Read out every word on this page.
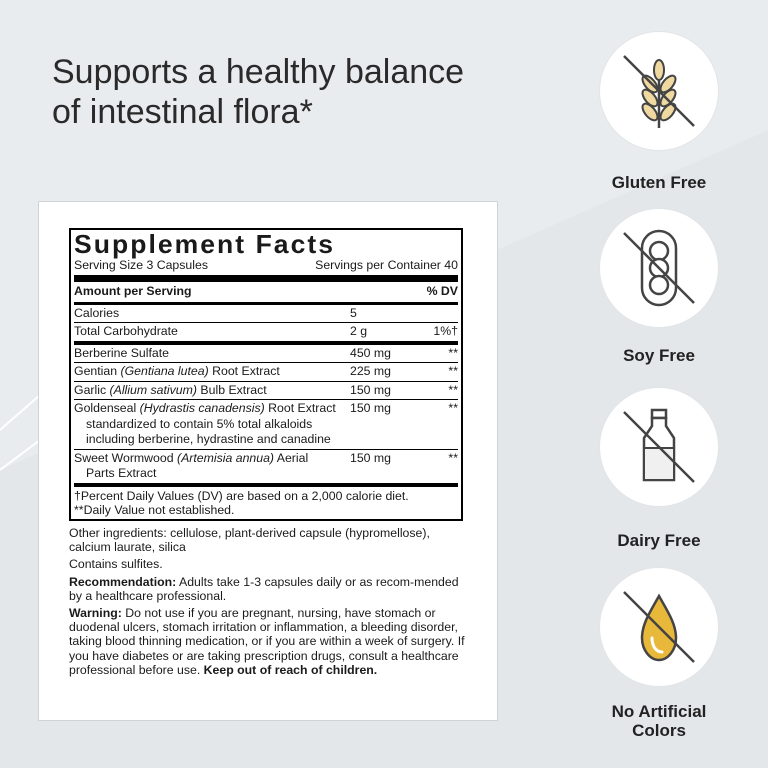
Supports a healthy balance
of intestinal flora*
Supplement Facts
Serving Size 3 Capsules	Servings per Container 40
Amount per Serving	% DV
Calories	5
Total Carbohydrate	2 g	1%†
Berberine Sulfate	450 mg	**
Gentian (Gentiana lutea) Root Extract	225 mg	**
Garlic (Allium sativum) Bulb Extract	150 mg	**
Goldenseal (Hydrastis canadensis) Root Extract
standardized to contain 5% total alkaloids
including berberine, hydrastine and canadine
150 mg	**
Sweet Wormwood (Artemisia annua) Aerial
Parts Extract
150 mg	**
†Percent Daily Values (DV) are based on a 2,000 calorie diet.
**Daily Value not established.

Other ingredients: cellulose, plant-derived capsule (hypromellose), calcium laurate, silica

Contains sulfites.

Recommendation: Adults take 1-3 capsules daily or as recom-mended by a healthcare professional.

Warning: Do not use if you are pregnant, nursing, have stomach or duodenal ulcers, stomach irritation or inflammation, a bleeding disorder, taking blood thinning medication, or if you are within a week of surgery. If you have diabetes or are taking prescription drugs, consult a healthcare professional before use. Keep out of reach of children.

Gluten Free
Soy Free
Dairy Free
No Artificial
Colors
